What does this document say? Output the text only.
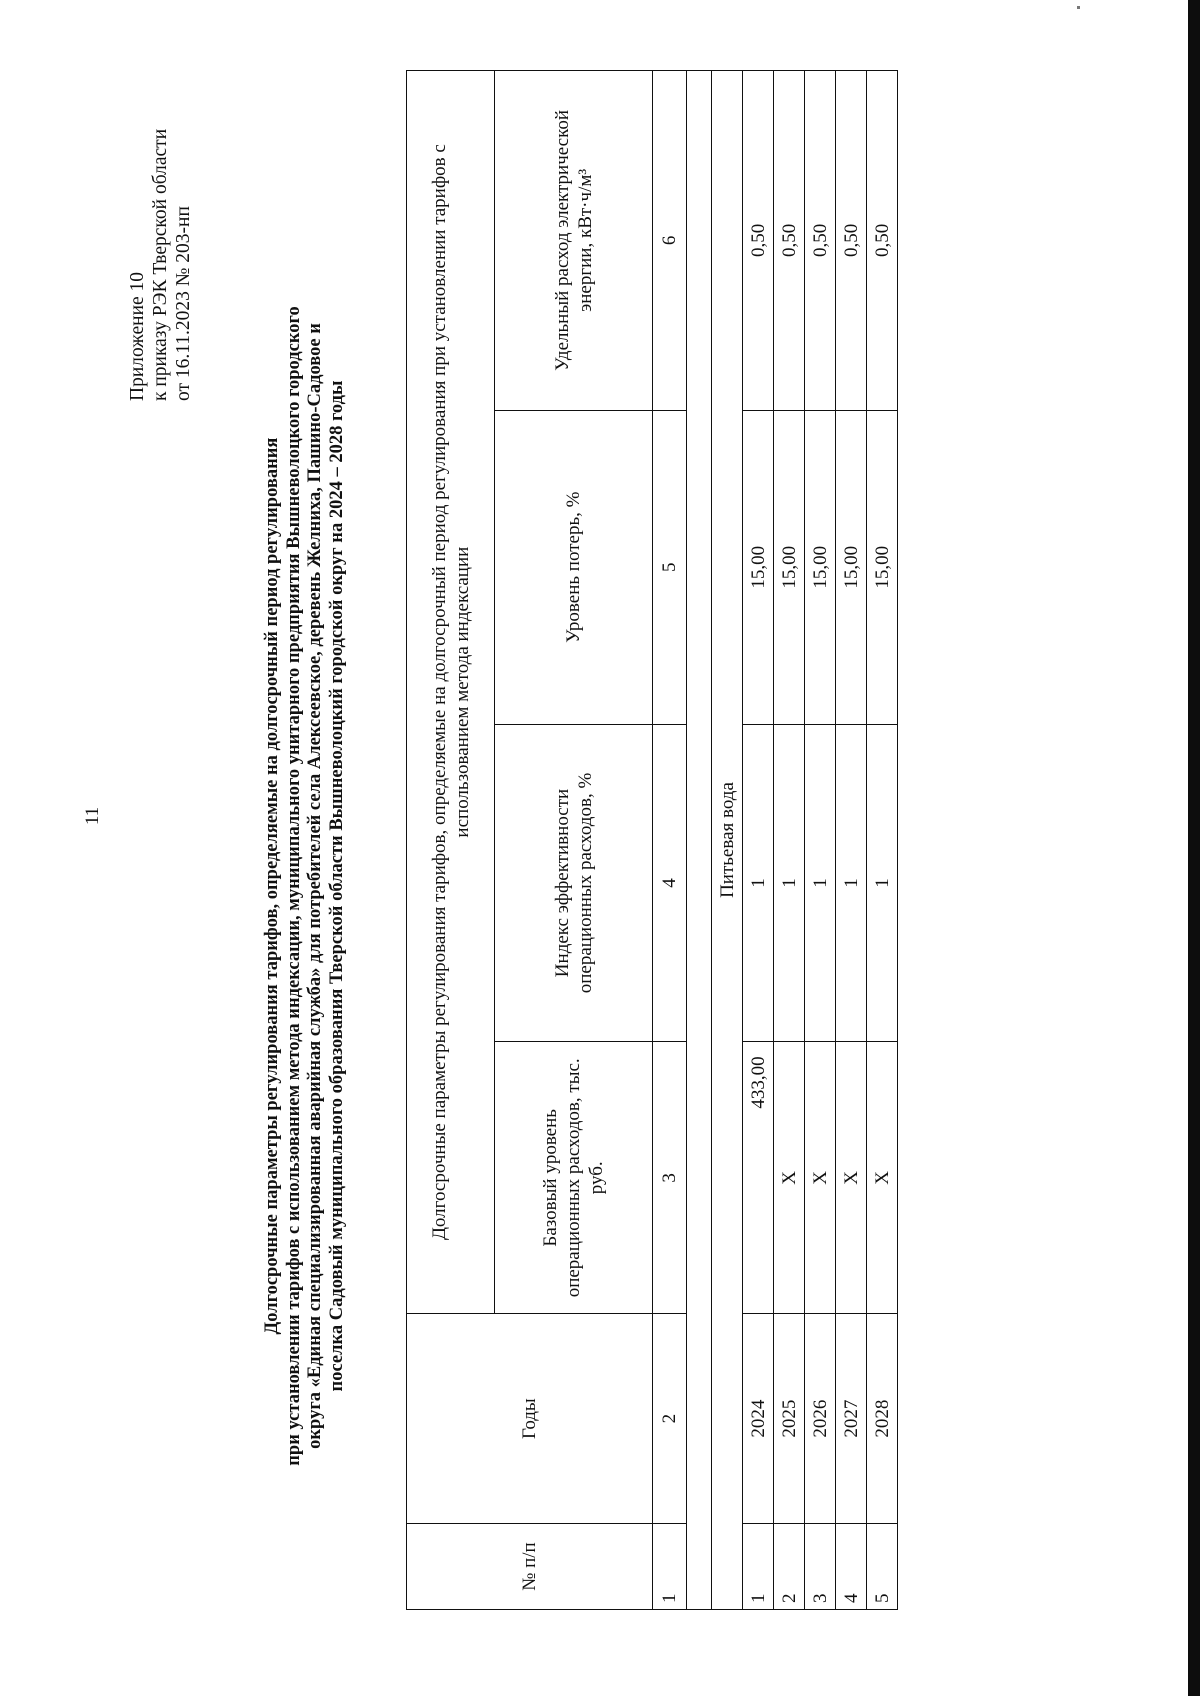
11
Приложение 10 к приказу РЭК Тверской области от 16.11.2023 № 203-нп
Долгосрочные параметры регулирования тарифов, определяемые на долгосрочный период регулирования при установлении тарифов с использованием метода индексации, муниципального унитарного предприятия Вышневолоцкого городского округа «Единая специализированная аварийная служба» для потребителей села Алексеевское, деревень Желниха, Пашино-Садовое и поселка Садовый муниципального образования Тверской области Вышневолоцкий городской округ на 2024 – 2028 годы
№ п/п	Годы	Долгосрочные параметры регулирования тарифов, определяемые на долгосрочный период регулирования при установлении тарифов с использованием метода индексации			
		Базовый уровень операционных расходов, тыс. руб.	Индекс эффективности операционных расходов, %	Уровень потерь, %	Удельный расход электрической энергии, кВт·ч/м³
1	2	3	4	5	6

Питьевая вода					
1	2024	433,00	1	15,00	0,50
2	2025	Х	1	15,00	0,50
3	2026	Х	1	15,00	0,50
4	2027	Х	1	15,00	0,50
5	2028	Х	1	15,00	0,50
